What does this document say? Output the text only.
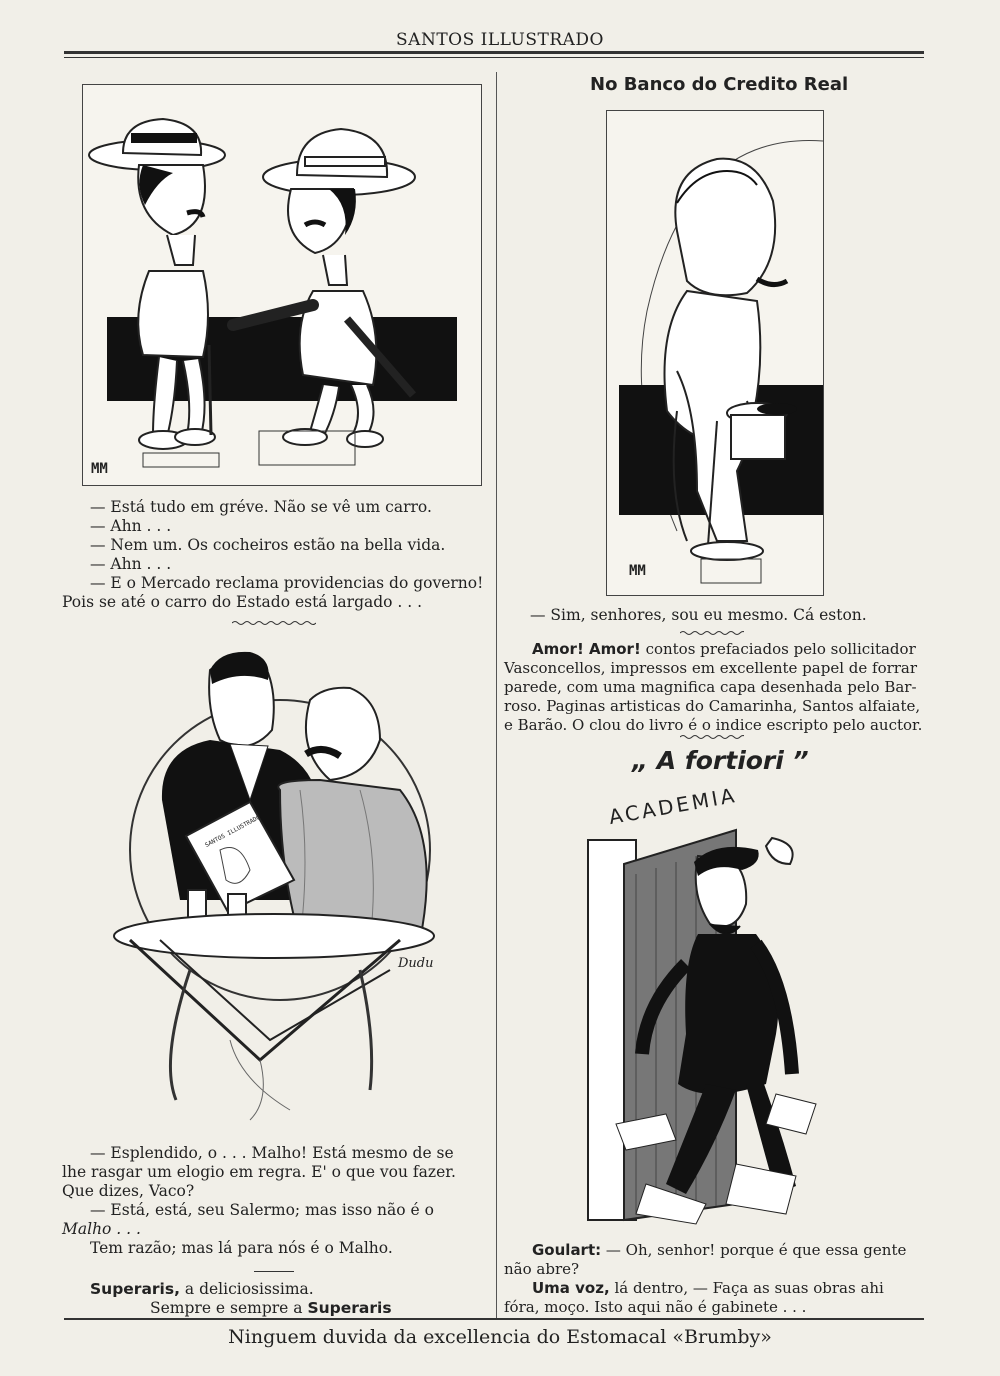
SANTOS ILLUSTRADO
MM

— Está tudo em gréve. Não se vê um carro.

— Ahn . . .

— Nem um. Os cocheiros estão na bella vida.

— Ahn . . .

— E o Mercado reclama providencias do governo!

Pois se até o carro do Estado está largado . . .

SANTOS ILLUSTRADO
Dudu

— Esplendido, o . . . Malho! Está mesmo de se

lhe rasgar um elogio em regra. E' o que vou fazer.

Que dizes, Vaco?

— Está, está, seu Salermo; mas isso não é o

Malho . . .

Tem razão; mas lá para nós é o Malho.

Superaris, a deliciosissima.

Sempre e sempre a Superaris

No Banco do Credito Real
MM
— Sim, senhores, sou eu mesmo. Cá eston.

Amor! Amor! contos prefaciados pelo sollicitador

Vasconcellos, impressos em excellente papel de forrar

parede, com uma magnifica capa desenhada pelo Bar-

roso. Paginas artisticas do Camarinha, Santos alfaiate,

e Barão. O clou do livro é o indice escripto pelo auctor.

„ A fortiori ”
ACADEMIA

Goulart: — Oh, senhor! porque é que essa gente

não abre?

Uma voz, lá dentro, — Faça as suas obras ahi

fóra, moço. Isto aqui não é gabinete . . .

Ninguem duvida da excellencia do Estomacal «Brumby»
